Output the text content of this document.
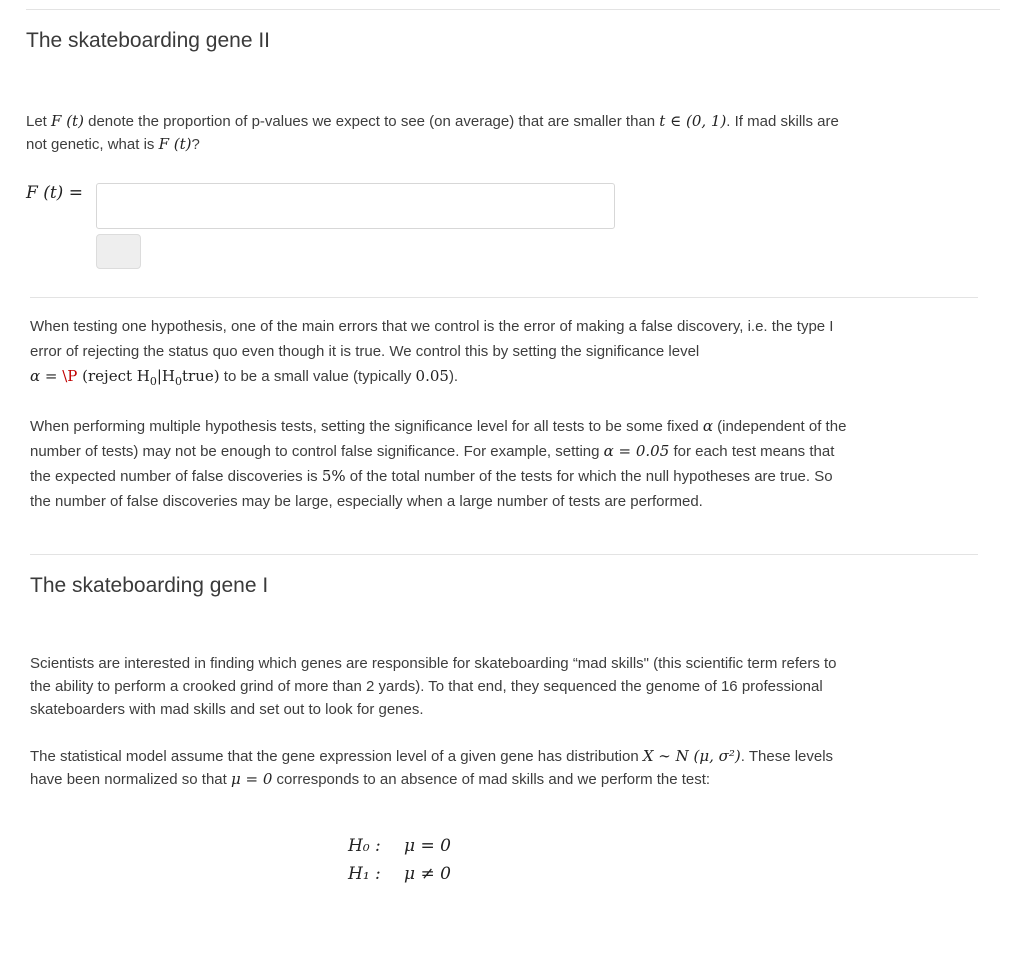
The skateboarding gene II

Let F (t) denote the proportion of p-values we expect to see (on average) that are smaller than t ∈ (0, 1). If mad skills are
not genetic, what is F (t)?

F (t) =

When testing one hypothesis, one of the main errors that we control is the error of making a false discovery, i.e. the type I
error of rejecting the status quo even though it is true. We control this by setting the significance level
α = \P (reject $H_0|H_0true$) to be a small value (typically 0.05).

When performing multiple hypothesis tests, setting the significance level for all tests to be some fixed α (independent of the
number of tests) may not be enough to control false significance. For example, setting α = 0.05 for each test means that
the expected number of false discoveries is 5% of the total number of the tests for which the null hypotheses are true. So
the number of false discoveries may be large, especially when a large number of tests are performed.

The skateboarding gene I

Scientists are interested in finding which genes are responsible for skateboarding “mad skills" (this scientific term refers to
the ability to perform a crooked grind of more than 2 yards). To that end, they sequenced the genome of 16 professional
skateboarders with mad skills and set out to look for genes.

The statistical model assume that the gene expression level of a given gene has distribution X ∼ N (μ, σ²). These levels
have been normalized so that μ = 0 corresponds to an absence of mad skills and we perform the test:

H₀ : μ = 0
H₁ : μ ≠ 0
